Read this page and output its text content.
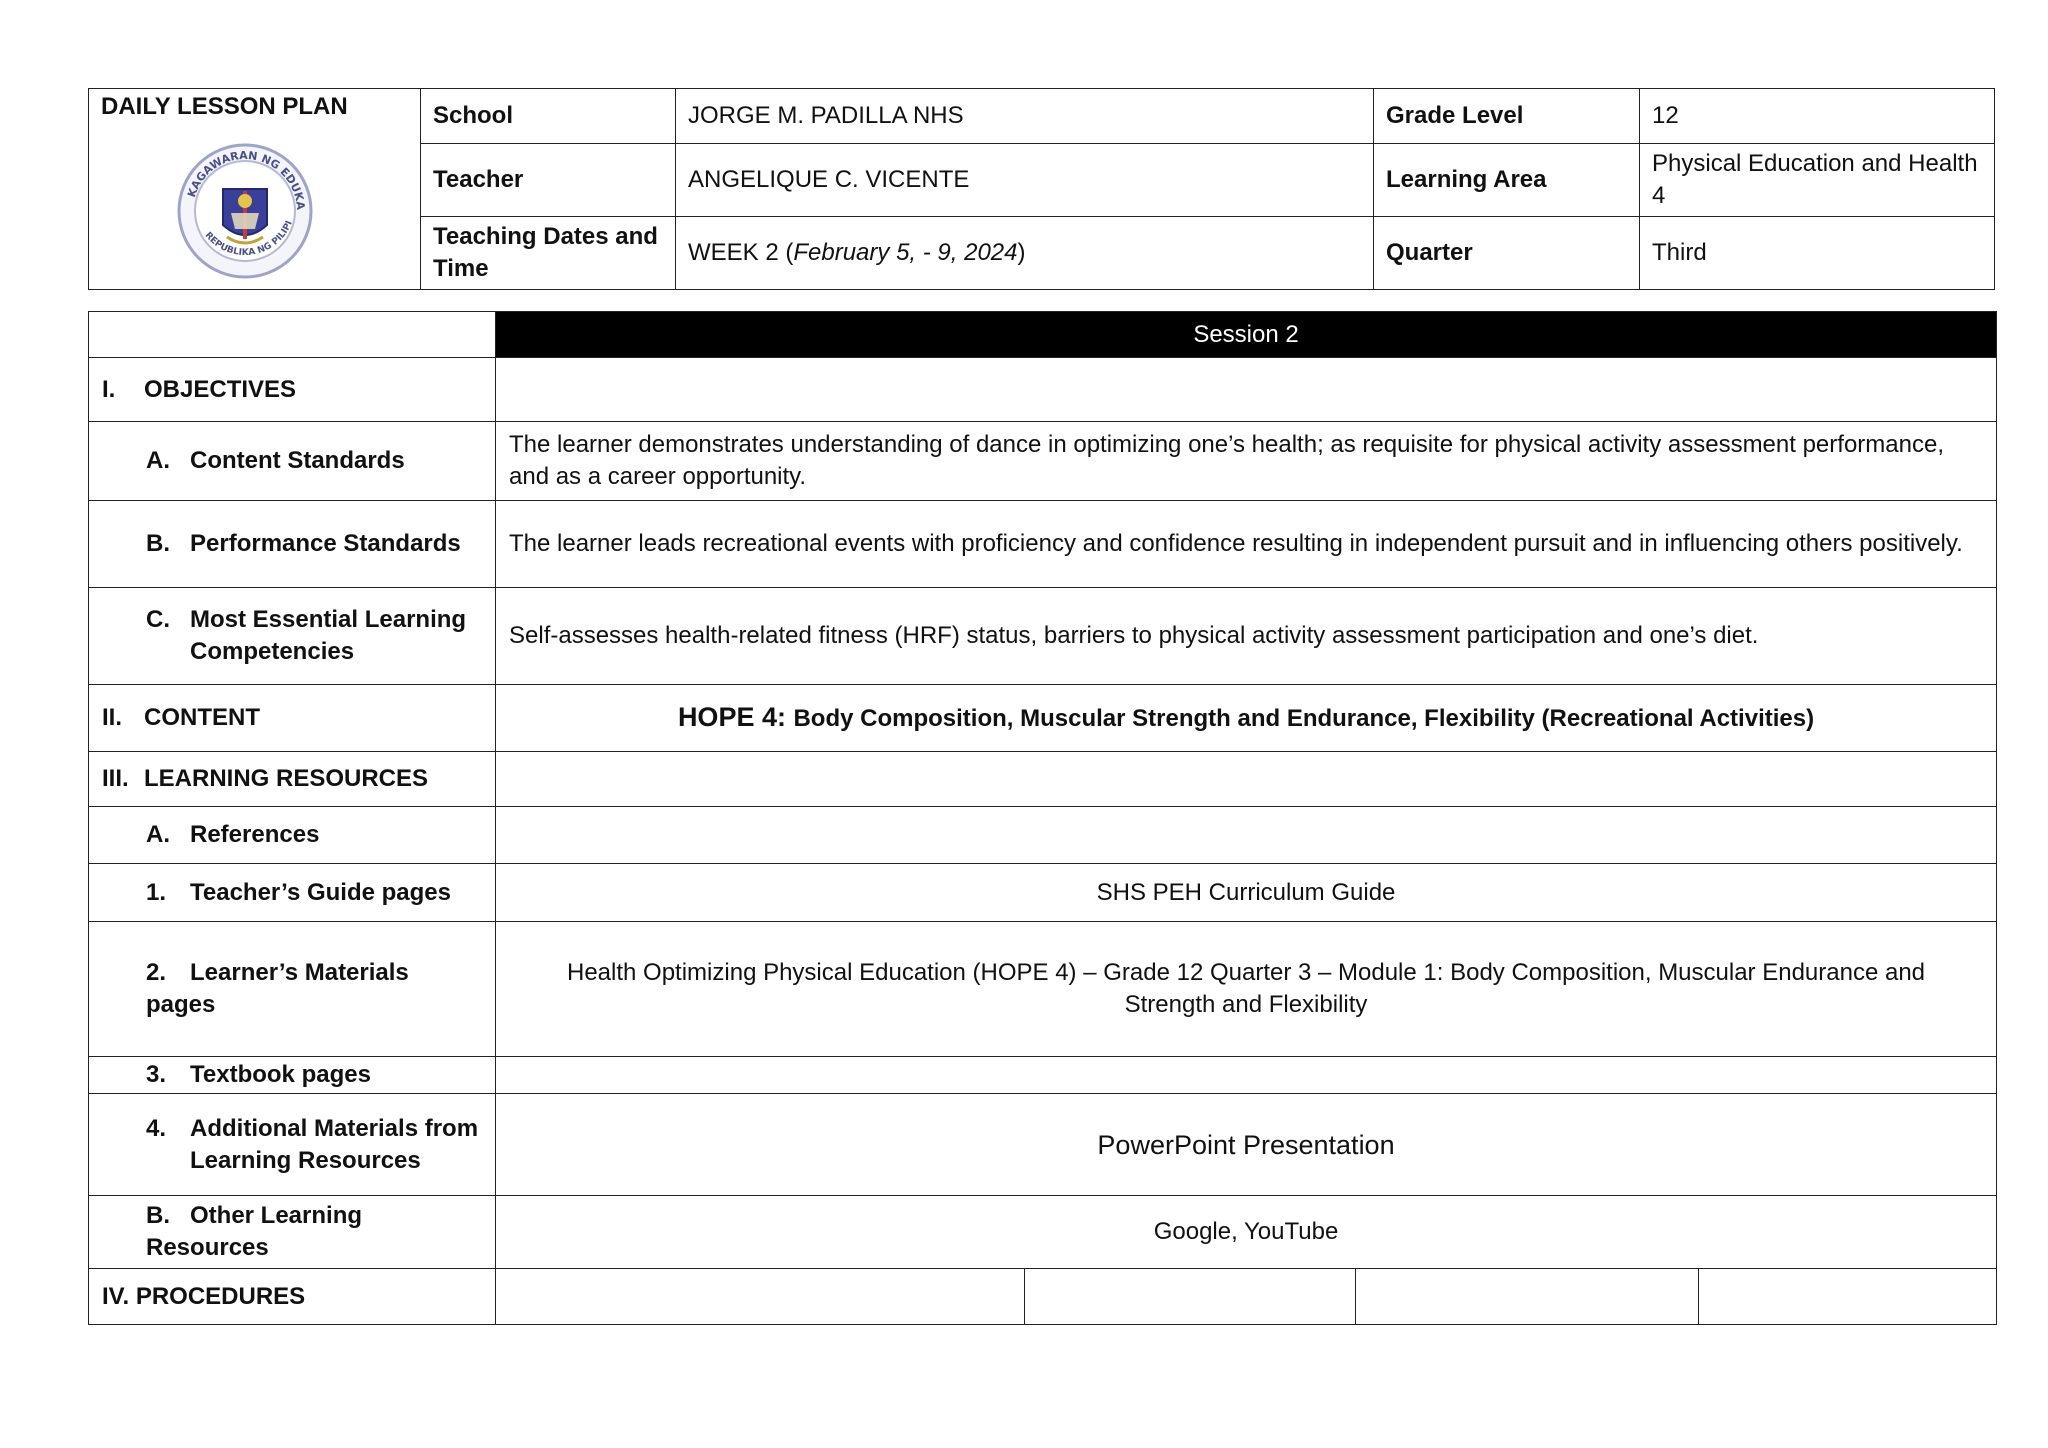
DAILY LESSON PLAN
KAGAWARAN NG EDUKA
REPUBLIKA NG PILIPI	School	JORGE M. PADILLA NHS	Grade Level	12
	Teacher	ANGELIQUE C. VICENTE	Learning Area	Physical Education and Health 4
	Teaching Dates and Time	WEEK 2 (February 5, - 9, 2024)	Quarter	Third
	Session 2			
I. OBJECTIVES				
A. Content Standards	The learner demonstrates understanding of dance in optimizing one’s health; as requisite for physical activity assessment performance, and as a career opportunity.			
B. Performance Standards	The learner leads recreational events with proficiency and confidence resulting in independent pursuit and in influencing others positively.			

C. Most Essential Learning Competencies	Self-assesses health-related fitness (HRF) status, barriers to physical activity assessment participation and one’s diet.			
II. CONTENT	HOPE 4: Body Composition, Muscular Strength and Endurance, Flexibility (Recreational Activities)			
III. LEARNING RESOURCES				
A. References				
1. Teacher’s Guide pages	SHS PEH Curriculum Guide			
2. Learner’s Materials pages	Health Optimizing Physical Education (HOPE 4) – Grade 12 Quarter 3 – Module 1: Body Composition, Muscular Endurance and Strength and Flexibility			
3. Textbook pages				

4. Additional Materials from Learning Resources	PowerPoint Presentation			
B. Other Learning Resources	Google, YouTube			
IV. PROCEDURES				
